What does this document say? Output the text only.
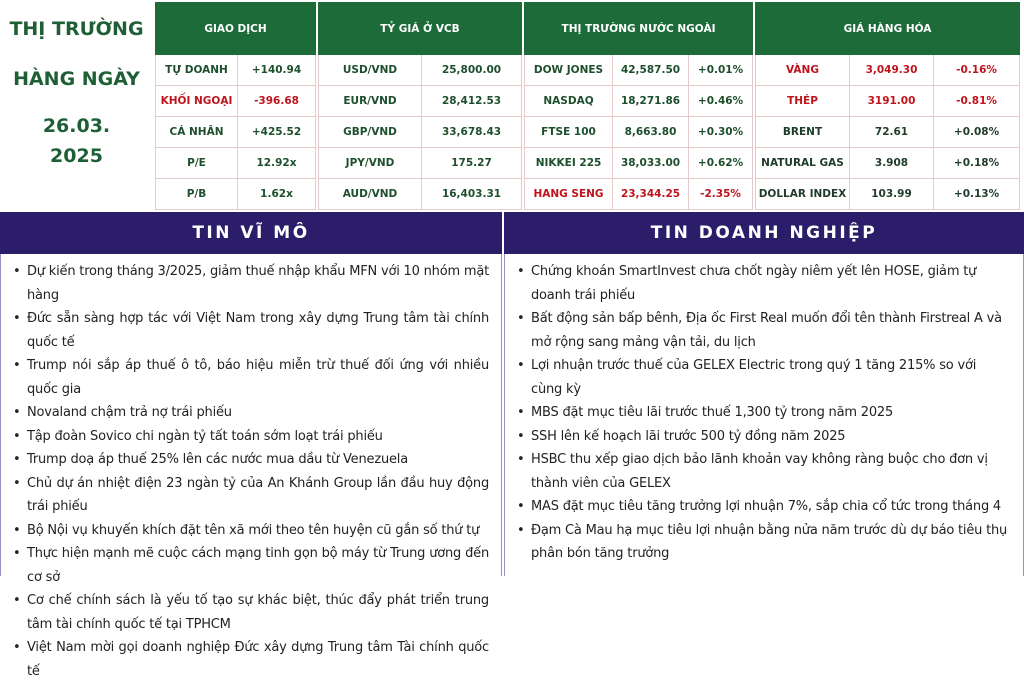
THỊ TRƯỜNG
HÀNG NGÀY
26.03.
2025
GIAO DỊCH	
TỰ DOANH	+140.94
KHỐI NGOẠI	-396.68
CÁ NHÂN	+425.52
P/E	12.92x
P/B	1.62x
TỶ GIÁ Ở VCB	
USD/VND	25,800.00
EUR/VND	28,412.53
GBP/VND	33,678.43
JPY/VND	175.27
AUD/VND	16,403.31
THỊ TRƯỜNG NƯỚC NGOÀI		
DOW JONES	42,587.50	+0.01%
NASDAQ	18,271.86	+0.46%
FTSE 100	8,663.80	+0.30%
NIKKEI 225	38,033.00	+0.62%
HANG SENG	23,344.25	-2.35%
GIÁ HÀNG HÓA		
VÀNG	3,049.30	-0.16%
THÉP	3191.00	-0.81%
BRENT	72.61	+0.08%
NATURAL GAS	3.908	+0.18%
DOLLAR INDEX	103.99	+0.13%
TIN VĨ MÔ	TIN DOANH NGHIỆP
• Dự kiến trong tháng 3/2025, giảm thuế nhập khẩu MFN với 10 nhóm mặt hàng
• Đức sẵn sàng hợp tác với Việt Nam trong xây dựng Trung tâm tài chính quốc tế
• Trump nói sắp áp thuế ô tô, báo hiệu miễn trừ thuế đối ứng với nhiều quốc gia
• Novaland chậm trả nợ trái phiếu
• Tập đoàn Sovico chi ngàn tỷ tất toán sớm loạt trái phiếu
• Trump doạ áp thuế 25% lên các nước mua dầu từ Venezuela
• Chủ dự án nhiệt điện 23 ngàn tỷ của An Khánh Group lần đầu huy động trái phiếu
• Bộ Nội vụ khuyến khích đặt tên xã mới theo tên huyện cũ gắn số thứ tự
• Thực hiện mạnh mẽ cuộc cách mạng tinh gọn bộ máy từ Trung ương đến cơ sở
• Cơ chế chính sách là yếu tố tạo sự khác biệt, thúc đẩy phát triển trung tâm tài chính quốc tế tại TPHCM
• Việt Nam mời gọi doanh nghiệp Đức xây dựng Trung tâm Tài chính quốc tế
• Chứng khoán SmartInvest chưa chốt ngày niêm yết lên HOSE, giảm tự doanh trái phiếu
• Bất động sản bấp bênh, Địa ốc First Real muốn đổi tên thành Firstreal A và mở rộng sang mảng vận tải, du lịch
• Lợi nhuận trước thuế của GELEX Electric trong quý 1 tăng 215% so với cùng kỳ
• MBS đặt mục tiêu lãi trước thuế 1,300 tỷ trong năm 2025
• SSH lên kế hoạch lãi trước 500 tỷ đồng năm 2025
• HSBC thu xếp giao dịch bảo lãnh khoản vay không ràng buộc cho đơn vị thành viên của GELEX
• MAS đặt mục tiêu tăng trưởng lợi nhuận 7%, sắp chia cổ tức trong tháng 4
• Đạm Cà Mau hạ mục tiêu lợi nhuận bằng nửa năm trước dù dự báo tiêu thụ phân bón tăng trưởng
